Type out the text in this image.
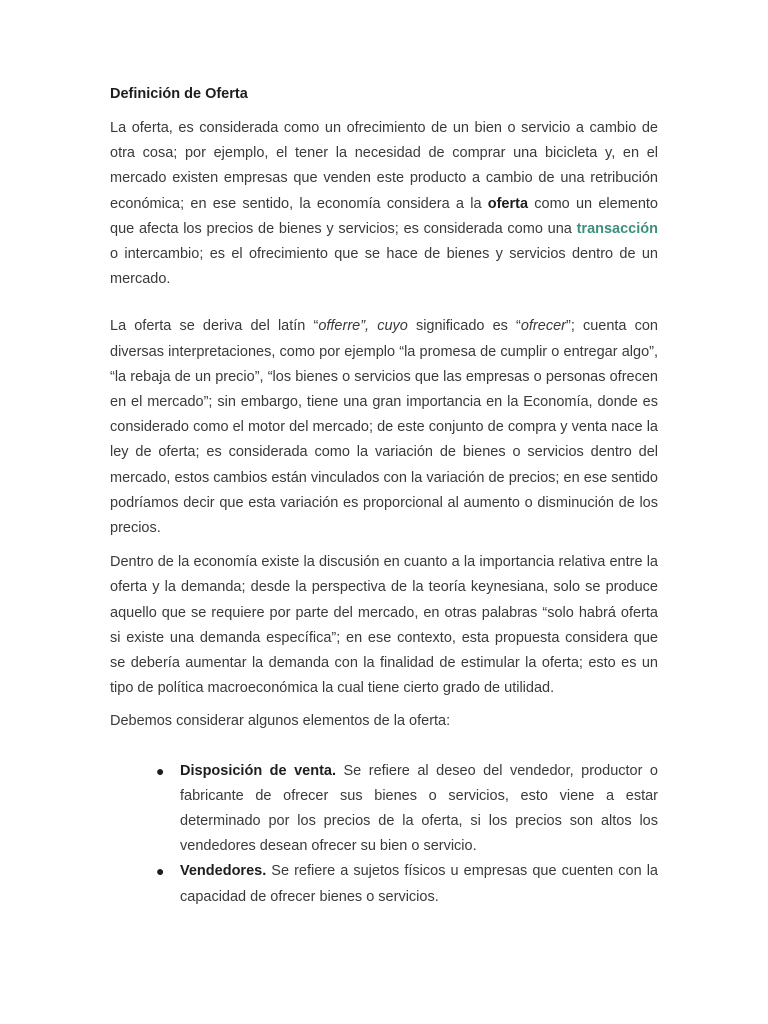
Definición de Oferta

La oferta, es considerada como un ofrecimiento de un bien o servicio a cambio de otra cosa; por ejemplo, el tener la necesidad de comprar una bicicleta y, en el mercado existen empresas que venden este producto a cambio de una retribución económica; en ese sentido, la economía considera a la oferta como un elemento que afecta los precios de bienes y servicios; es considerada como una transacción o intercambio; es el ofrecimiento que se hace de bienes y servicios dentro de un mercado.

La oferta se deriva del latín “offerre”, cuyo significado es “ofrecer”; cuenta con diversas interpretaciones, como por ejemplo “la promesa de cumplir o entregar algo”, “la rebaja de un precio”, “los bienes o servicios que las empresas o personas ofrecen en el mercado”; sin embargo, tiene una gran importancia en la Economía, donde es considerado como el motor del mercado; de este conjunto de compra y venta nace la ley de oferta; es considerada como la variación de bienes o servicios dentro del mercado, estos cambios están vinculados con la variación de precios; en ese sentido podríamos decir que esta variación es proporcional al aumento o disminución de los precios.

Dentro de la economía existe la discusión en cuanto a la importancia relativa entre la oferta y la demanda; desde la perspectiva de la teoría keynesiana, solo se produce aquello que se requiere por parte del mercado, en otras palabras “solo habrá oferta si existe una demanda específica”; en ese contexto, esta propuesta considera que se debería aumentar la demanda con la finalidad de estimular la oferta; esto es un tipo de política macroeconómica la cual tiene cierto grado de utilidad.

Debemos considerar algunos elementos de la oferta:

● Disposición de venta. Se refiere al deseo del vendedor, productor o fabricante de ofrecer sus bienes o servicios, esto viene a estar determinado por los precios de la oferta, si los precios son altos los vendedores desean ofrecer su bien o servicio.
● Vendedores. Se refiere a sujetos físicos u empresas que cuenten con la capacidad de ofrecer bienes o servicios.
